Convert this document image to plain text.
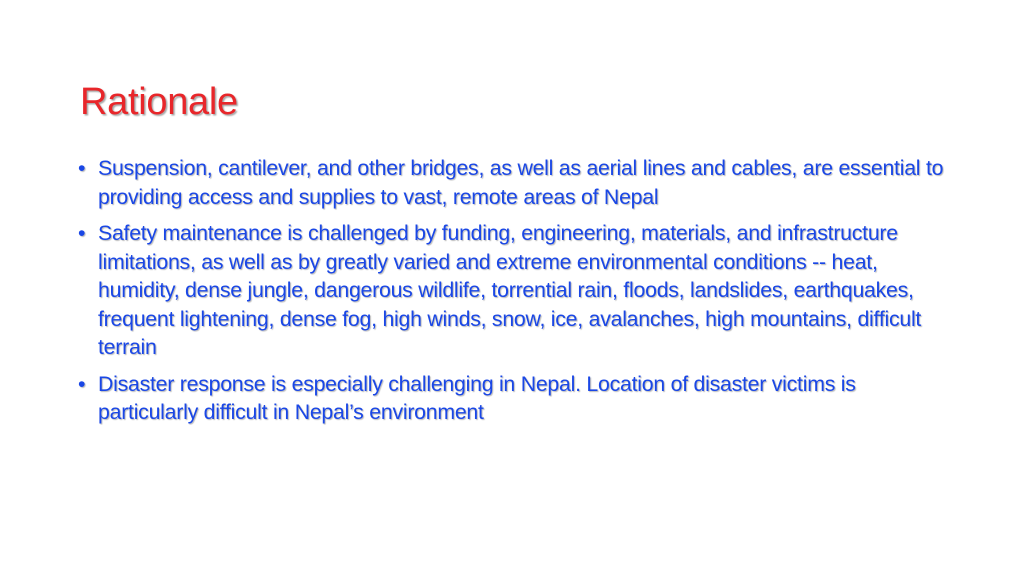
Rationale
• Suspension, cantilever, and other bridges, as well as aerial lines and cables, are essential to providing access and supplies to vast, remote areas of Nepal
• Safety maintenance is challenged by funding, engineering, materials, and infrastructure limitations, as well as by greatly varied and extreme environmental conditions -- heat, humidity, dense jungle, dangerous wildlife, torrential rain, floods, landslides, earthquakes, frequent lightening, dense fog, high winds, snow, ice, avalanches, high mountains, difficult terrain
• Disaster response is especially challenging in Nepal. Location of disaster victims is particularly difficult in Nepal’s environment
